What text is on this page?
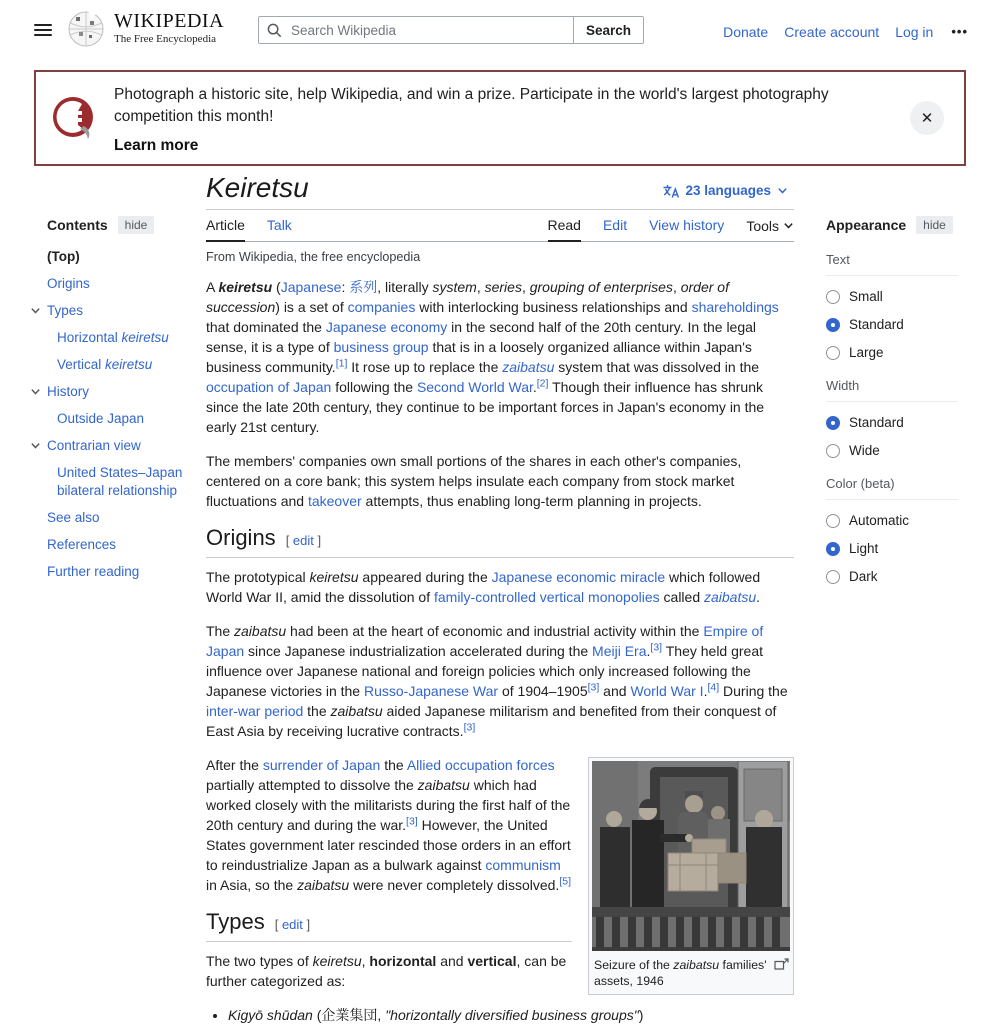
WIKIPEDIA
The Free Encyclopedia
Search Wikipedia
Search	Donate Create account Log in •••
Photograph a historic site, help Wikipedia, and win a prize. Participate in the world's largest photography competition this month!
Learn more
✕
Contents	hide
(Top)
Origins
Types
Horizontal keiretsu
Vertical keiretsu
History
Outside Japan
Contrarian view
United States–Japan bilateral relationship
See also
References
Further reading
Appearance	hide
Text
Small
Standard
Large
Width
Standard
Wide
Color (beta)
Automatic
Light
Dark
Keiretsu	23 languages
Article Talk	Read Edit View history Tools
From Wikipedia, the free encyclopedia

A keiretsu (Japanese: 系列, literally system, series, grouping of enterprises, order of succession) is a set of companies with interlocking business relationships and shareholdings that dominated the Japanese economy in the second half of the 20th century. In the legal sense, it is a type of business group that is in a loosely organized alliance within Japan's business community.[1] It rose up to replace the zaibatsu system that was dissolved in the occupation of Japan following the Second World War.[2] Though their influence has shrunk since the late 20th century, they continue to be important forces in Japan's economy in the early 21st century.

The members' companies own small portions of the shares in each other's companies, centered on a core bank; this system helps insulate each company from stock market fluctuations and takeover attempts, thus enabling long-term planning in projects.

Origins [ edit ]

The prototypical keiretsu appeared during the Japanese economic miracle which followed World War II, amid the dissolution of family-controlled vertical monopolies called zaibatsu.

The zaibatsu had been at the heart of economic and industrial activity within the Empire of Japan since Japanese industrialization accelerated during the Meiji Era.[3] They held great influence over Japanese national and foreign policies which only increased following the Japanese victories in the Russo-Japanese War of 1904–1905[3] and World War I.[4] During the inter-war period the zaibatsu aided Japanese militarism and benefited from their conquest of East Asia by receiving lucrative contracts.[3]

Seizure of the zaibatsu families' assets, 1946

After the surrender of Japan the Allied occupation forces partially attempted to dissolve the zaibatsu which had worked closely with the militarists during the first half of the 20th century and during the war.[3] However, the United States government later rescinded those orders in an effort to reindustrialize Japan as a bulwark against communism in Asia, so the zaibatsu were never completely dissolved.[5]

Types [ edit ]

The two types of keiretsu, horizontal and vertical, can be further categorized as:

• Kigyō shūdan (企業集団, "horizontally diversified business groups")
